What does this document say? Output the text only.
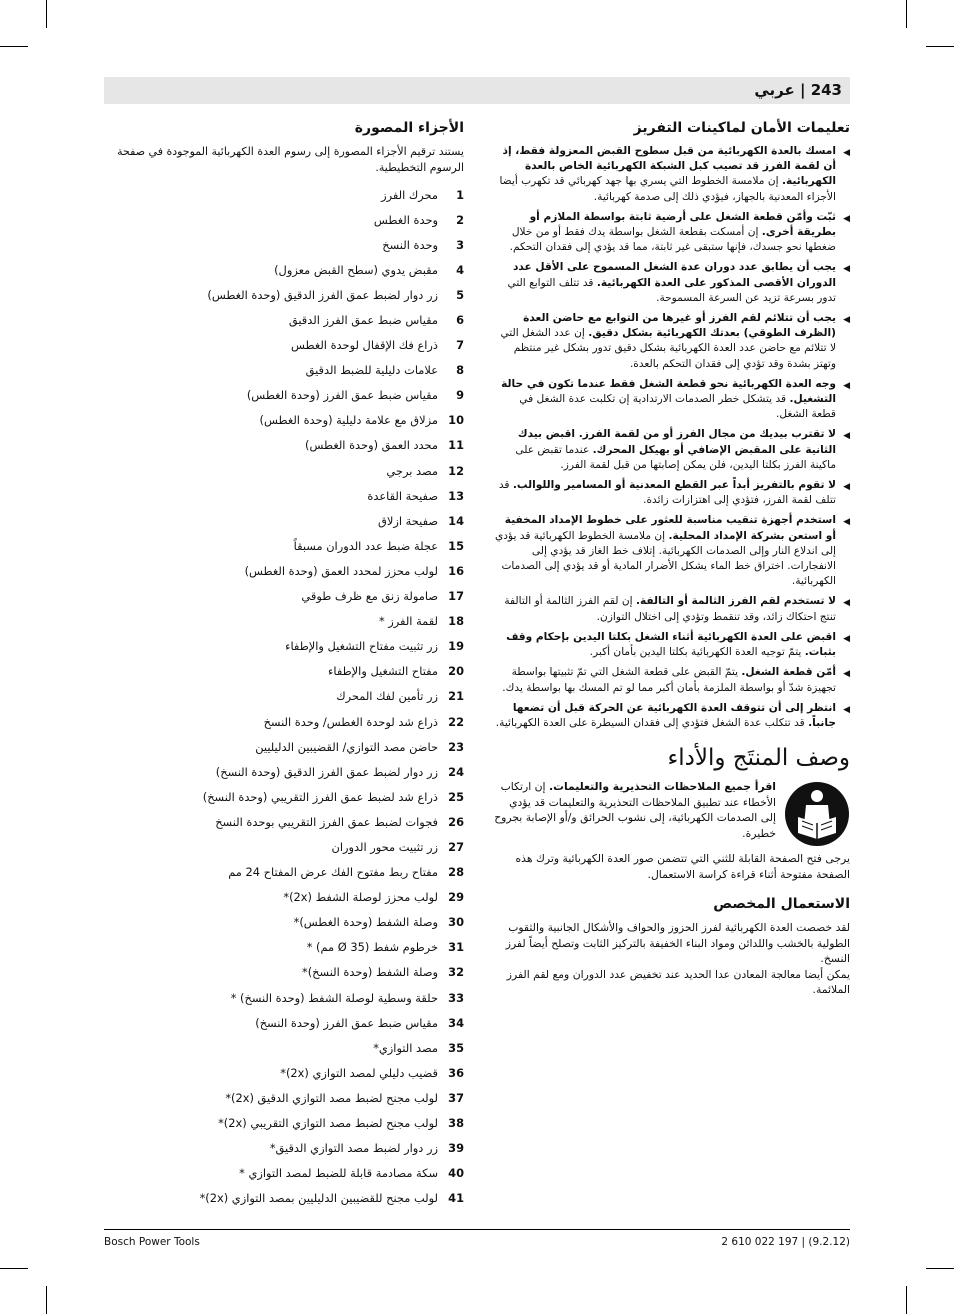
243 | عربي
تعليمات الأمان لماكينات التفريز
◀
امسك بالعدة الكهربائية من قبل سطوح القبض المعزولة فقط، إذ أن لقمة الفرز قد تصيب كبل الشبكة الكهربائية الخاص بالعدة الكهربائية. إن ملامسة الخطوط التي يسري بها جهد كهربائي قد تكهرب أيضا الأجزاء المعدنية بالجهاز، فيؤدي ذلك إلى صدمة كهربائية.
◀
ثبّت وأمّن قطعة الشغل على أرضية ثابتة بواسطة الملازم أو بطريقة أخرى. إن أمسكت بقطعة الشغل بواسطة يدك فقط أو من خلال ضغطها نحو جسدك، فإنها ستبقى غير ثابتة، مما قد يؤدي إلى فقدان التحكم.
◀
يجب أن يطابق عدد دوران عدة الشغل المسموح على الأقل عدد الدوران الأقصى المذكور على العدة الكهربائية. قد تتلف التوابع التي تدور بسرعة تزيد عن السرعة المسموحة.
◀
يجب أن تتلائم لقم الفرز أو غيرها من التوابع مع حاضن العدة (الظرف الطوقي) بعدتك الكهربائية بشكل دقيق. إن عدد الشغل التي لا تتلائم مع حاضن عدد العدة الكهربائية بشكل دقيق تدور بشكل غير منتظم وتهتز بشدة وقد تؤدي إلى فقدان التحكم بالعدة.
◀
وجه العدة الكهربائية نحو قطعة الشغل فقط عندما تكون في حالة التشغيل. قد يتشكل خطر الصدمات الارتدادية إن تكلبت عدة الشغل في قطعة الشغل.
◀
لا تقترب بيديك من مجال الفرز أو من لقمة الفرز. اقبض بيدك الثانية على المقبض الإضافي أو بهيكل المحرك. عندما تقبض على ماكينة الفرز بكلتا اليدين، فلن يمكن إصابتها من قبل لقمة الفرز.
◀
لا تقوم بالتفريز أبداً عبر القطع المعدنية أو المسامير واللوالب. قد تتلف لقمة الفرز، فتؤدي إلى اهتزازات زائدة.
◀
استخدم أجهزة تنقيب مناسبة للعثور على خطوط الإمداد المخفية أو استعن بشركة الإمداد المحلية. إن ملامسة الخطوط الكهربائية قد يؤدي إلى اندلاع النار وإلى الصدمات الكهربائية. إتلاف خط الغاز قد يؤدي إلى الانفجارات. اختراق خط الماء يشكل الأضرار المادية أو قد يؤدي إلى الصدمات الكهربائية.
◀
لا تستخدم لقم الفرز الثالمة أو التالفة. إن لقم الفرز الثالمة أو التالفة تنتج احتكاك زائد، وقد تنقمط وتؤدي إلى اختلال التوازن.
◀
اقبض على العدة الكهربائية أثناء الشغل بكلتا اليدين بإحكام وقف بثبات. يتمّ توجيه العدة الكهربائية بكلتا اليدين بأمان أكبر.
◀
أمّن قطعة الشغل. يتمّ القبض على قطعة الشغل التي تمّ تثبيتها بواسطة تجهيزة شدّ أو بواسطة الملزمة بأمان أكبر مما لو تم المسك بها بواسطة يدك.
◀
انتظر إلى أن تتوقف العدة الكهربائية عن الحركة قبل أن تضعها جانباً. قد تتكلب عدة الشغل فتؤدي إلى فقدان السيطرة على العدة الكهربائية.
وصف المنتَج والأداء

اقرأ جميع الملاحظات التحذيرية والتعليمات. إن ارتكاب الأخطاء عند تطبيق الملاحظات التحذيرية والتعليمات قد يؤدي إلى الصدمات الكهربائية، إلى نشوب الحرائق و/أو الإصابة بجروح خطيرة.

يرجى فتح الصفحة القابلة للثني التي تتضمن صور العدة الكهربائية وترك هذه الصفحة مفتوحة أثناء قراءة كراسة الاستعمال.

الاستعمال المخصص

لقد خصصت العدة الكهربائية لفرز الحزوز والحواف والأشكال الجانبية والثقوب الطولية بالخشب واللدائن ومواد البناء الخفيفة بالتركيز الثابت وتصلح أيضاً لفرز النسخ.

يمكن أيضا معالجة المعادن عدا الحديد عند تخفيض عدد الدوران ومع لقم الفرز الملائمة.

الأجزاء المصورة

يستند ترقيم الأجزاء المصورة إلى رسوم العدة الكهربائية الموجودة في صفحة الرسوم التخطيطية.

1
محرك الفرز
2
وحدة الغطس
3
وحدة النسخ
4
مقبض يدوي (سطح القبض معزول)
5
زر دوار لضبط عمق الفرز الدقيق (وحدة الغطس)
6
مقياس ضبط عمق الفرز الدقيق
7
ذراع فك الإقفال لوحدة الغطس
8
علامات دليلية للضبط الدقيق
9
مقياس ضبط عمق الفرز (وحدة الغطس)
10
مزلاق مع علامة دليلية (وحدة الغطس)
11
محدد العمق (وحدة الغطس)
12
مصد برجي
13
صفيحة القاعدة
14
صفيحة ازلاق
15
عجلة ضبط عدد الدوران مسبقاً
16
لولب محزز لمحدد العمق (وحدة الغطس)
17
صامولة زنق مع ظرف طوقي
18
لقمة الفرز *
19
زر تثبيت مفتاح التشغيل والإطفاء
20
مفتاح التشغيل والإطفاء
21
زر تأمين لفك المحرك
22
ذراع شد لوحدة الغطس/ وحدة النسخ
23
حاضن مصد التوازي/ القضيبين الدليليين
24
زر دوار لضبط عمق الفرز الدقيق (وحدة النسخ)
25
ذراع شد لضبط عمق الفرز التقريبي (وحدة النسخ)
26
فجوات لضبط عمق الفرز التقريبي بوحدة النسخ
27
زر تثبيت محور الدوران
28
مفتاح ربط مفتوح الفك عرض المفتاح 24 مم
29
لولب محزز لوصلة الشفط (2x)*
30
وصلة الشفط (وحدة الغطس)*
31
خرطوم شفط (Ø 35 مم) *
32
وصلة الشفط (وحدة النسخ)*
33
حلقة وسطية لوصلة الشفط (وحدة النسخ) *
34
مقياس ضبط عمق الفرز (وحدة النسخ)
35
مصد التوازي*
36
قضيب دليلي لمصد التوازي (2x)*
37
لولب مجنح لضبط مصد التوازي الدقيق (2x)*
38
لولب مجنح لضبط مصد التوازي التقريبي (2x)*
39
زر دوار لضبط مصد التوازي الدقيق*
40
سكة مصادمة قابلة للضبط لمصد التوازي *
41
لولب مجنح للقضيبين الدليليين بمصد التوازي (2x)*
Bosch Power Tools	2 610 022 197 | (9.2.12)
